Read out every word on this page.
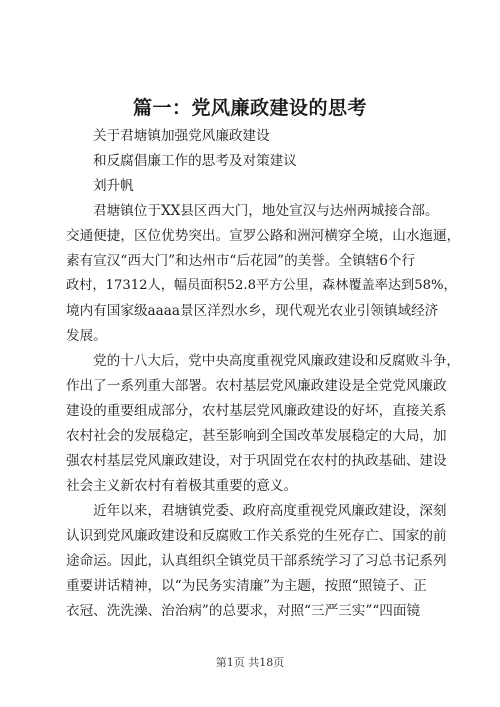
篇一：党风廉政建设的思考
关于君塘镇加强党风廉政建设
和反腐倡廉工作的思考及对策建议
刘升帆
君塘镇位于XX县区西大门，地处宣汉与达州两城接合部。
交通便捷，区位优势突出。宣罗公路和洲河横穿全境，山水迤逦，
素有宣汉“西大门”和达州市“后花园”的美誉。全镇辖6个行
政村，17312人，幅员面积52.8平方公里，森林覆盖率达到58%，
境内有国家级aaaa景区洋烈水乡，现代观光农业引领镇域经济
发展。
党的十八大后，党中央高度重视党风廉政建设和反腐败斗争，
作出了一系列重大部署。农村基层党风廉政建设是全党党风廉政
建设的重要组成部分，农村基层党风廉政建设的好坏，直接关系
农村社会的发展稳定，甚至影响到全国改革发展稳定的大局，加
强农村基层党风廉政建设，对于巩固党在农村的执政基础、建设
社会主义新农村有着极其重要的意义。
近年以来，君塘镇党委、政府高度重视党风廉政建设，深刻
认识到党风廉政建设和反腐败工作关系党的生死存亡、国家的前
途命运。因此，认真组织全镇党员干部系统学习了习总书记系列
重要讲话精神，以“为民务实清廉”为主题，按照“照镜子、正
衣冠、洗洗澡、治治病”的总要求，对照“三严三实”“四面镜
第1页 共18页
